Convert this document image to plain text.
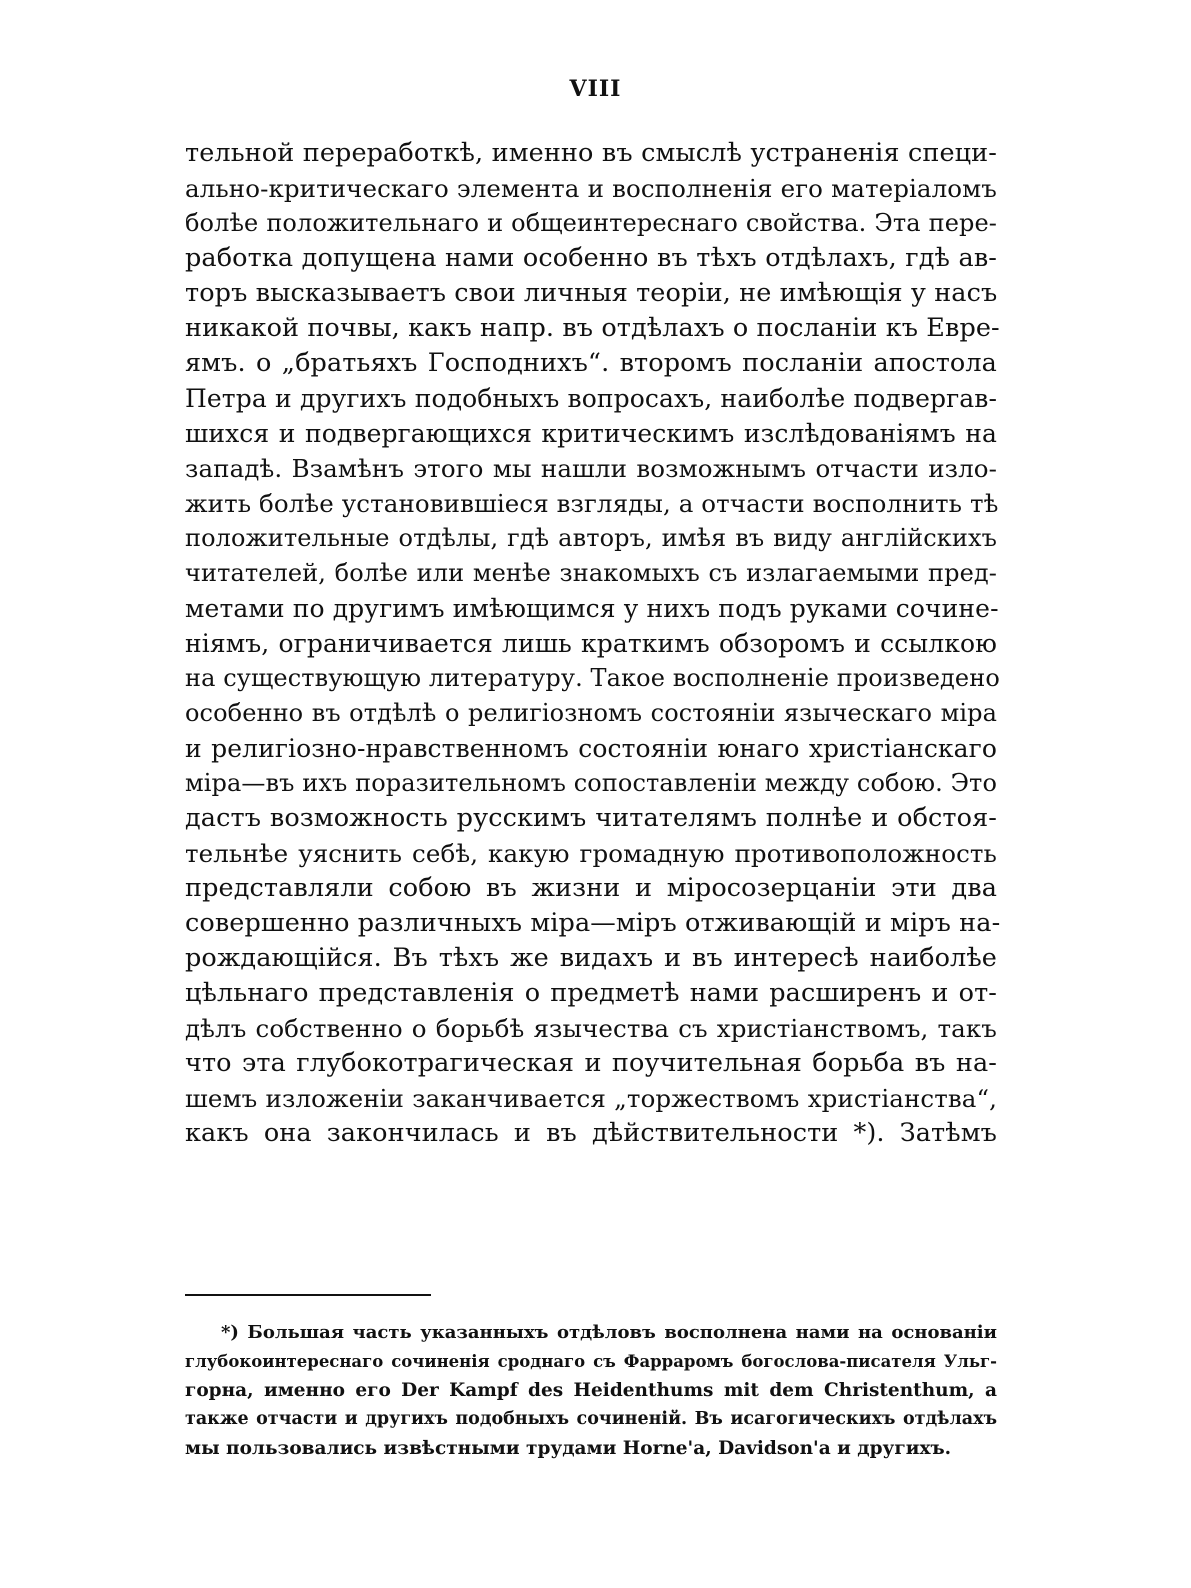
VIII
тельной переработкѣ, именно въ смыслѣ устраненія специ-
ально-критическаго элемента и восполненія его матеріаломъ
болѣе положительнаго и общеинтереснаго свойства. Эта пере-
работка допущена нами особенно въ тѣхъ отдѣлахъ, гдѣ ав-
торъ высказываетъ свои личныя теоріи, не имѣющія у насъ
никакой почвы, какъ напр. въ отдѣлахъ о посланіи къ Евре-
ямъ. о „братьяхъ Господнихъ“. второмъ посланіи апостола
Петра и другихъ подобныхъ вопросахъ, наиболѣе подвергав-
шихся и подвергающихся критическимъ изслѣдованіямъ на
западѣ. Взамѣнъ этого мы нашли возможнымъ отчасти изло-
жить болѣе установившіеся взгляды, а отчасти восполнить тѣ
положительные отдѣлы, гдѣ авторъ, имѣя въ виду англійскихъ
читателей, болѣе или менѣе знакомыхъ съ излагаемыми пред-
метами по другимъ имѣющимся у нихъ подъ руками сочине-
ніямъ, ограничивается лишь краткимъ обзоромъ и ссылкою
на существующую литературу. Такое восполненіе произведено
особенно въ отдѣлѣ о религіозномъ состояніи языческаго міра
и религіозно-нравственномъ состояніи юнаго христіанскаго
міра—въ ихъ поразительномъ сопоставленіи между собою. Это
дастъ возможность русскимъ читателямъ полнѣе и обстоя-
тельнѣе уяснить себѣ, какую громадную противоположность
представляли собою въ жизни и міросозерцаніи эти два
совершенно различныхъ міра—міръ отживающій и міръ на-
рождающійся. Въ тѣхъ же видахъ и въ интересѣ наиболѣе
цѣльнаго представленія о предметѣ нами расширенъ и от-
дѣлъ собственно о борьбѣ язычества съ христіанствомъ, такъ
что эта глубокотрагическая и поучительная борьба въ на-
шемъ изложеніи заканчивается „торжествомъ христіанства“,
какъ она закончилась и въ дѣйствительности *). Затѣмъ
*) Большая часть указанныхъ отдѣловъ восполнена нами на основаніи
глубокоинтереснаго сочиненія сроднаго съ Фарраромъ богослова-писателя Ульг-
горна, именно его Der Kampf des Heidenthums mit dem Christenthum, а
также отчасти и другихъ подобныхъ сочиненій. Въ исагогическихъ отдѣлахъ
мы пользовались извѣстными трудами Horne'a, Davidson'a и другихъ.
